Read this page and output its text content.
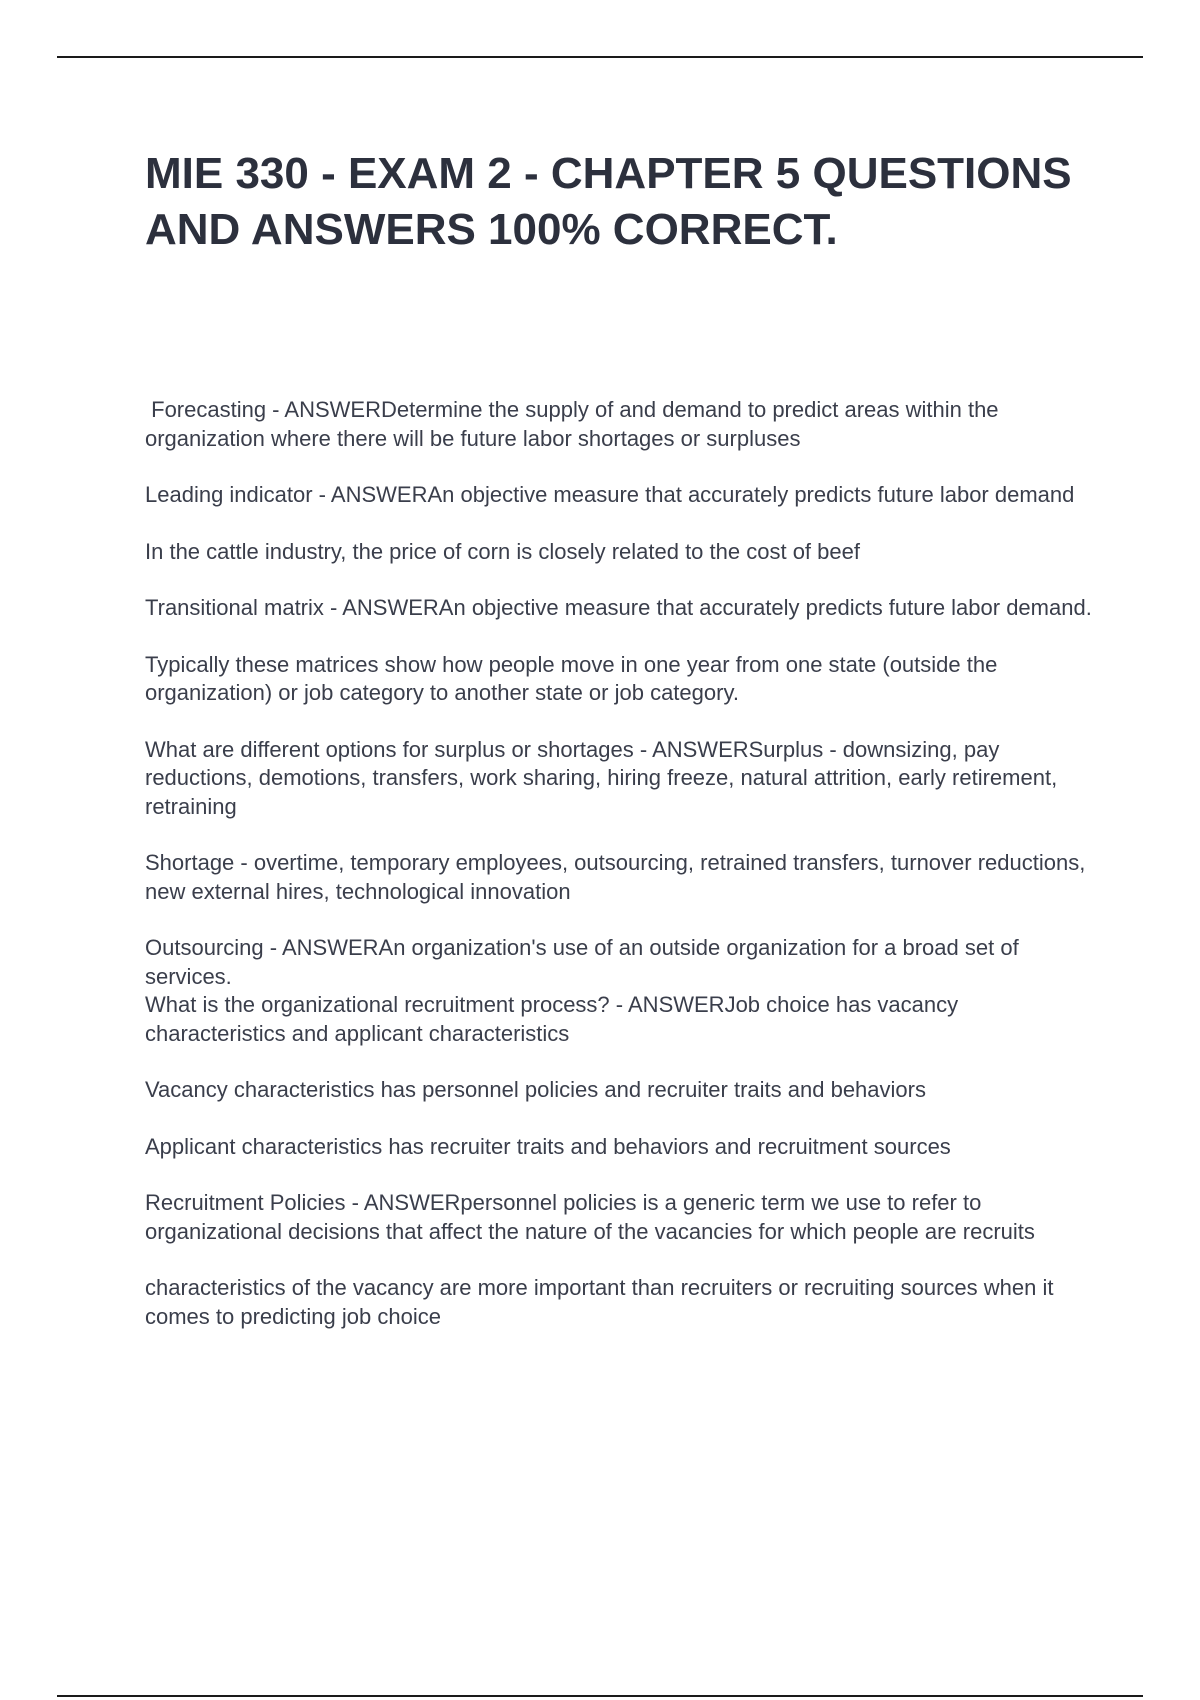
MIE 330 - EXAM 2 - CHAPTER 5 QUESTIONS AND ANSWERS 100% CORRECT.

Forecasting - ANSWERDetermine the supply of and demand to predict areas within the organization where there will be future labor shortages or surpluses

Leading indicator - ANSWERAn objective measure that accurately predicts future labor demand

In the cattle industry, the price of corn is closely related to the cost of beef

Transitional matrix - ANSWERAn objective measure that accurately predicts future labor demand.

Typically these matrices show how people move in one year from one state (outside the organization) or job category to another state or job category.

What are different options for surplus or shortages - ANSWERSurplus - downsizing, pay reductions, demotions, transfers, work sharing, hiring freeze, natural attrition, early retirement, retraining

Shortage - overtime, temporary employees, outsourcing, retrained transfers, turnover reductions, new external hires, technological innovation

Outsourcing - ANSWERAn organization's use of an outside organization for a broad set of services.

What is the organizational recruitment process? - ANSWERJob choice has vacancy characteristics and applicant characteristics

Vacancy characteristics has personnel policies and recruiter traits and behaviors

Applicant characteristics has recruiter traits and behaviors and recruitment sources

Recruitment Policies - ANSWERpersonnel policies is a generic term we use to refer to organizational decisions that affect the nature of the vacancies for which people are recruits

characteristics of the vacancy are more important than recruiters or recruiting sources when it comes to predicting job choice
